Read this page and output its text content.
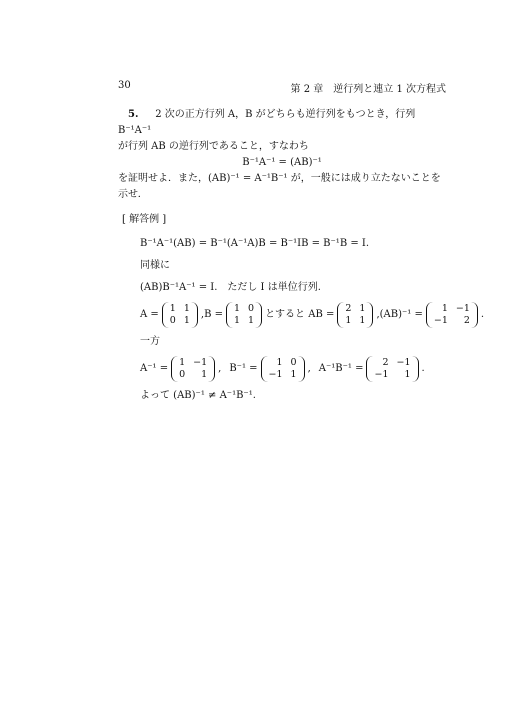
30	第 2 章　逆行列と連立 1 次方程式

5. 2 次の正方行列 A，B がどちらも逆行列をもつとき，行列 B⁻¹A⁻¹

が行列 AB の逆行列であること，すなわち

B⁻¹A⁻¹ = (AB)⁻¹

を証明せよ．また，(AB)⁻¹ = A⁻¹B⁻¹ が，一般には成り立たないことを

示せ．

[ 解答例 ]
B⁻¹A⁻¹(AB) = B⁻¹(A⁻¹A)B = B⁻¹IB = B⁻¹B = I.
同様に
(AB)B⁻¹A⁻¹ = I.　ただし I は単位行列.
A =
1	1
0	1
, B =
1	0
1	1
とすると AB =
2	1
1	1
, (AB)⁻¹ =
1	−1
−1	2
.
一方
A⁻¹ =
1	−1
0	1
, B⁻¹ =
1	0
−1	1
, A⁻¹B⁻¹ =
2	−1
−1	1
.
よって (AB)⁻¹ ≠ A⁻¹B⁻¹.
